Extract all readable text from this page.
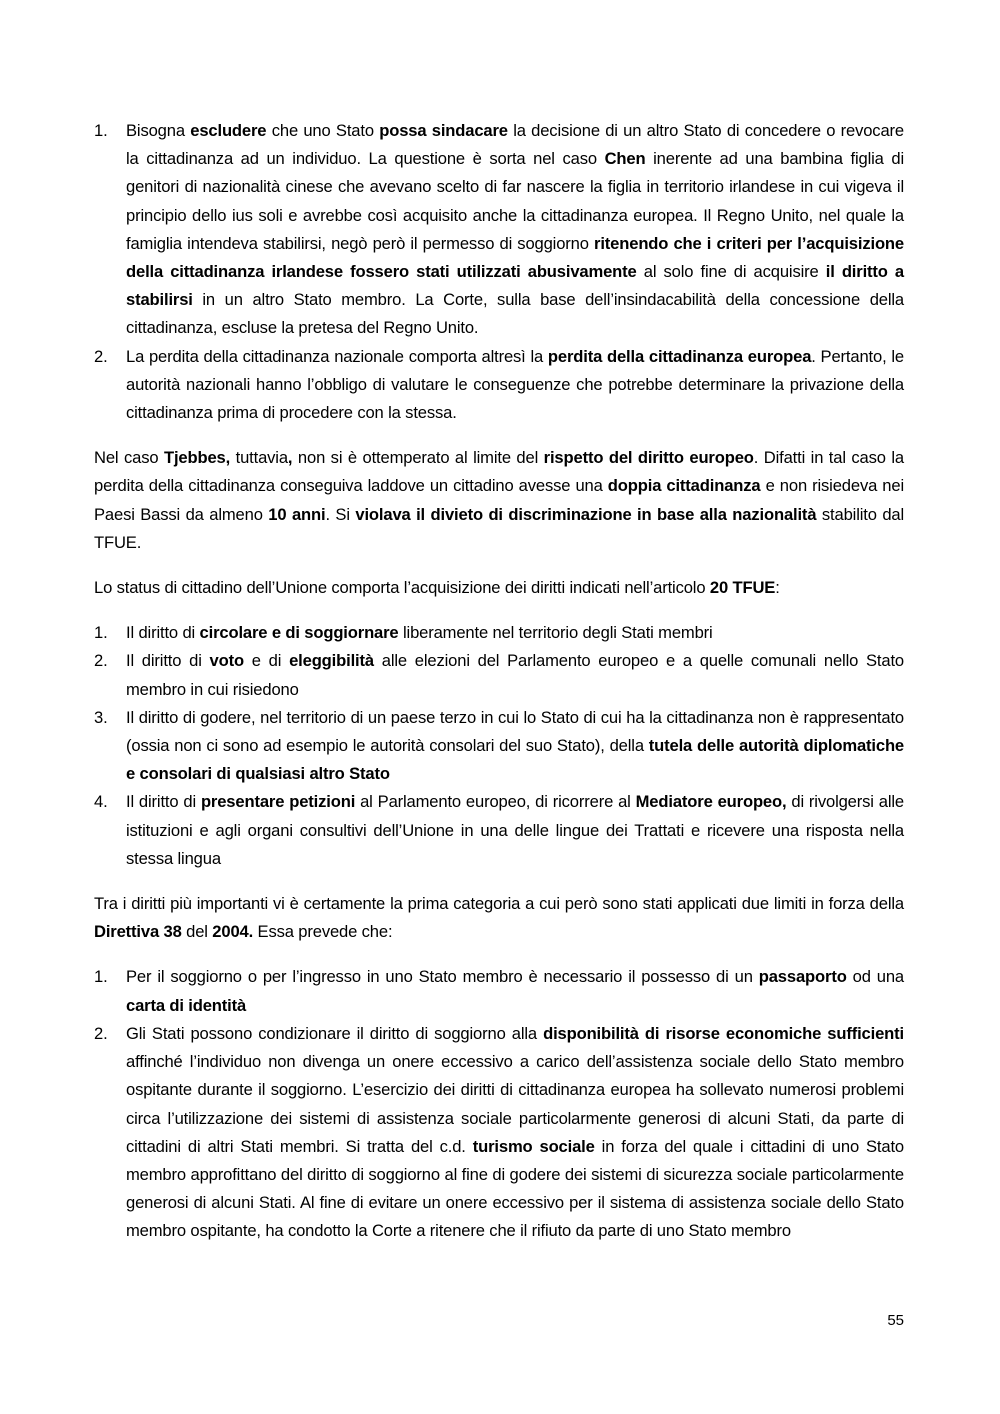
1. Bisogna escludere che uno Stato possa sindacare la decisione di un altro Stato di concedere o revocare la cittadinanza ad un individuo. La questione è sorta nel caso Chen inerente ad una bambina figlia di genitori di nazionalità cinese che avevano scelto di far nascere la figlia in territorio irlandese in cui vigeva il principio dello ius soli e avrebbe così acquisito anche la cittadinanza europea. Il Regno Unito, nel quale la famiglia intendeva stabilirsi, negò però il permesso di soggiorno ritenendo che i criteri per l’acquisizione della cittadinanza irlandese fossero stati utilizzati abusivamente al solo fine di acquisire il diritto a stabilirsi in un altro Stato membro. La Corte, sulla base dell’insindacabilità della concessione della cittadinanza, escluse la pretesa del Regno Unito.
2. La perdita della cittadinanza nazionale comporta altresì la perdita della cittadinanza europea. Pertanto, le autorità nazionali hanno l’obbligo di valutare le conseguenze che potrebbe determinare la privazione della cittadinanza prima di procedere con la stessa.

Nel caso Tjebbes, tuttavia, non si è ottemperato al limite del rispetto del diritto europeo. Difatti in tal caso la perdita della cittadinanza conseguiva laddove un cittadino avesse una doppia cittadinanza e non risiedeva nei Paesi Bassi da almeno 10 anni. Si violava il divieto di discriminazione in base alla nazionalità stabilito dal TFUE.

Lo status di cittadino dell’Unione comporta l’acquisizione dei diritti indicati nell’articolo 20 TFUE:

1. Il diritto di circolare e di soggiornare liberamente nel territorio degli Stati membri
2. Il diritto di voto e di eleggibilità alle elezioni del Parlamento europeo e a quelle comunali nello Stato membro in cui risiedono
3. Il diritto di godere, nel territorio di un paese terzo in cui lo Stato di cui ha la cittadinanza non è rappresentato (ossia non ci sono ad esempio le autorità consolari del suo Stato), della tutela delle autorità diplomatiche e consolari di qualsiasi altro Stato
4. Il diritto di presentare petizioni al Parlamento europeo, di ricorrere al Mediatore europeo, di rivolgersi alle istituzioni e agli organi consultivi dell’Unione in una delle lingue dei Trattati e ricevere una risposta nella stessa lingua

Tra i diritti più importanti vi è certamente la prima categoria a cui però sono stati applicati due limiti in forza della Direttiva 38 del 2004. Essa prevede che:

1. Per il soggiorno o per l’ingresso in uno Stato membro è necessario il possesso di un passaporto od una carta di identità
2. Gli Stati possono condizionare il diritto di soggiorno alla disponibilità di risorse economiche sufficienti affinché l’individuo non divenga un onere eccessivo a carico dell’assistenza sociale dello Stato membro ospitante durante il soggiorno. L’esercizio dei diritti di cittadinanza europea ha sollevato numerosi problemi circa l’utilizzazione dei sistemi di assistenza sociale particolarmente generosi di alcuni Stati, da parte di cittadini di altri Stati membri. Si tratta del c.d. turismo sociale in forza del quale i cittadini di uno Stato membro approfittano del diritto di soggiorno al fine di godere dei sistemi di sicurezza sociale particolarmente generosi di alcuni Stati. Al fine di evitare un onere eccessivo per il sistema di assistenza sociale dello Stato membro ospitante, ha condotto la Corte a ritenere che il rifiuto da parte di uno Stato membro
55
